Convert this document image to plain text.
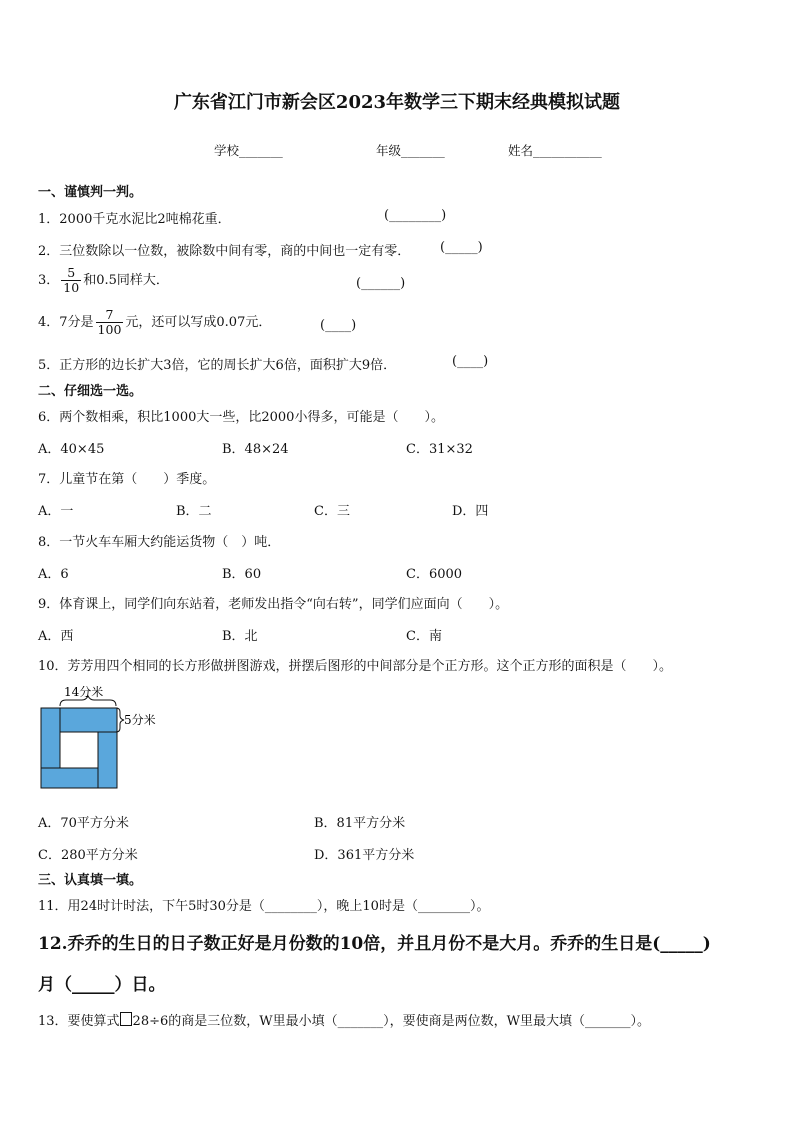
广东省江门市新会区2023年数学三下期末经典模拟试题
学校_______	年级_______	姓名___________
一、谨慎判一判。
1．2000千克水泥比2吨棉花重．	(________)
2．三位数除以一位数，被除数中间有零，商的中间也一定有零． (_____)
3． $\frac{5}{10}$ 和0.5同样大．	(______)
4．7分是 $\frac{7}{100}$ 元，还可以写成0.07元．	(____)
5．正方形的边长扩大3倍，它的周长扩大6倍，面积扩大9倍．	(____)
二、仔细选一选。
6．两个数相乘，积比1000大一些，比2000小得多，可能是（　　）。
A．40×45	B．48×24	C．31×32
7．儿童节在第（　　）季度。
A．一	B．二	C．三	D．四
8．一节火车车厢大约能运货物（　）吨．
A．6	B．60	C．6000
9．体育课上，同学们向东站着，老师发出指令“向右转”，同学们应面向（　　）。
A．西	B．北	C．南
10．芳芳用四个相同的长方形做拼图游戏，拼摆后图形的中间部分是个正方形。这个正方形的面积是（　　）。
14分米
5分米
A．70平方分米	B．81平方分米
C．280平方分米	D．361平方分米
三、认真填一填。
11．用24时计时法，下午5时30分是（________），晚上10时是（________）。
12.乔乔的生日的日子数正好是月份数的10倍，并且月份不是大月。乔乔的生日是(_____)
月（_____）日。
13．要使算式 28÷6的商是三位数，W里最小填（_______），要使商是两位数，W里最大填（_______）。
